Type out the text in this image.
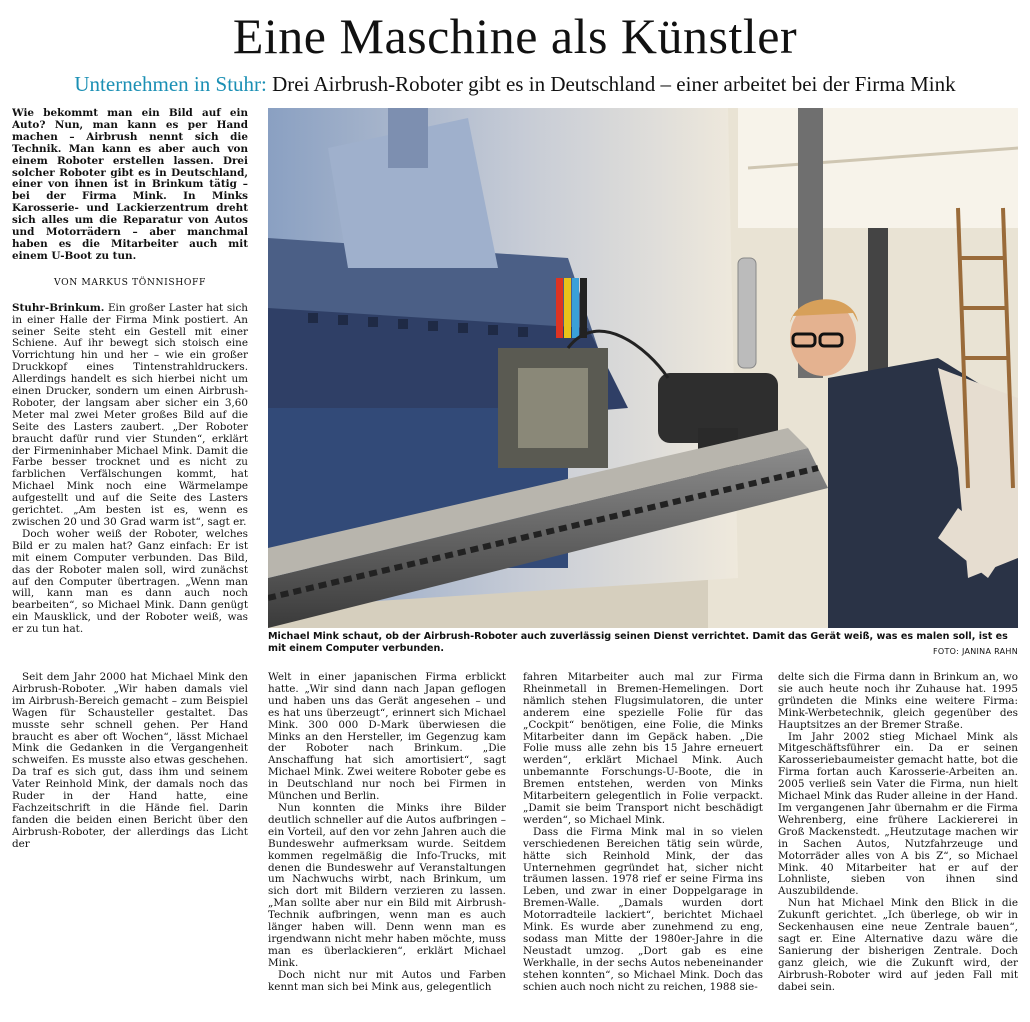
Eine Maschine als Künstler
Unternehmen in Stuhr: Drei Airbrush-Roboter gibt es in Deutschland – einer arbeitet bei der Firma Mink

Wie bekommt man ein Bild auf ein Auto? Nun, man kann es per Hand machen – Airbrush nennt sich die Technik. Man kann es aber auch von einem Roboter erstellen lassen. Drei solcher Roboter gibt es in Deutschland, einer von ihnen ist in Brinkum tätig – bei der Firma Mink. In Minks Karosserie- und Lackierzentrum dreht sich alles um die Reparatur von Autos und Motorrädern – aber manchmal haben es die Mitarbeiter auch mit einem U-Boot zu tun.

VON MARKUS TÖNNISHOFF

Stuhr-Brinkum. Ein großer Laster hat sich in einer Halle der Firma Mink postiert. An seiner Seite steht ein Gestell mit einer Schiene. Auf ihr bewegt sich stoisch eine Vorrichtung hin und her – wie ein großer Druckkopf eines Tintenstrahldruckers. Allerdings handelt es sich hierbei nicht um einen Drucker, sondern um einen Airbrush-Roboter, der langsam aber sicher ein 3,60 Meter mal zwei Meter großes Bild auf die Seite des Lasters zaubert. „Der Roboter braucht dafür rund vier Stunden“, erklärt der Firmeninhaber Michael Mink. Damit die Farbe besser trocknet und es nicht zu farblichen Verfälschungen kommt, hat Michael Mink noch eine Wärmelampe aufgestellt und auf die Seite des Lasters gerichtet. „Am besten ist es, wenn es zwischen 20 und 30 Grad warm ist“, sagt er.

Doch woher weiß der Roboter, welches Bild er zu malen hat? Ganz einfach: Er ist mit einem Computer verbunden. Das Bild, das der Roboter malen soll, wird zunächst auf den Computer übertragen. „Wenn man will, kann man es dann auch noch bearbeiten“, so Michael Mink. Dann genügt ein Mausklick, und der Roboter weiß, was er zu tun hat.

Seit dem Jahr 2000 hat Michael Mink den Airbrush-Roboter. „Wir haben damals viel im Airbrush-Bereich gemacht – zum Beispiel Wagen für Schausteller gestaltet. Das musste sehr schnell gehen. Per Hand braucht es aber oft Wochen“, lässt Michael Mink die Gedanken in die Vergangenheit schweifen. Es musste also etwas geschehen. Da traf es sich gut, dass ihm und seinem Vater Reinhold Mink, der damals noch das Ruder in der Hand hatte, eine Fachzeitschrift in die Hände fiel. Darin fanden die beiden einen Bericht über den Airbrush-Roboter, der allerdings das Licht der

Michael Mink schaut, ob der Airbrush-Roboter auch zuverlässig seinen Dienst verrichtet. Damit das Gerät weiß, was es malen soll, ist es mit einem Computer verbunden.	FOTO: JANINA RAHN

Welt in einer japanischen Firma erblickt hatte. „Wir sind dann nach Japan geflogen und haben uns das Gerät angesehen – und es hat uns überzeugt“, erinnert sich Michael Mink. 300 000 D-Mark überwiesen die Minks an den Hersteller, im Gegenzug kam der Roboter nach Brinkum. „Die Anschaffung hat sich amortisiert“, sagt Michael Mink. Zwei weitere Roboter gebe es in Deutschland nur noch bei Firmen in München und Berlin.

Nun konnten die Minks ihre Bilder deutlich schneller auf die Autos aufbringen – ein Vorteil, auf den vor zehn Jahren auch die Bundeswehr aufmerksam wurde. Seitdem kommen regelmäßig die Info-Trucks, mit denen die Bundeswehr auf Veranstaltungen um Nachwuchs wirbt, nach Brinkum, um sich dort mit Bildern verzieren zu lassen. „Man sollte aber nur ein Bild mit Airbrush-Technik aufbringen, wenn man es auch länger haben will. Denn wenn man es irgendwann nicht mehr haben möchte, muss man es überlackieren“, erklärt Michael Mink.

Doch nicht nur mit Autos und Farben kennt man sich bei Mink aus, gelegentlich

fahren Mitarbeiter auch mal zur Firma Rheinmetall in Bremen-Hemelingen. Dort nämlich stehen Flugsimulatoren, die unter anderem eine spezielle Folie für das „Cockpit“ benötigen, eine Folie, die Minks Mitarbeiter dann im Gepäck haben. „Die Folie muss alle zehn bis 15 Jahre erneuert werden“, erklärt Michael Mink. Auch unbemannte Forschungs-U-Boote, die in Bremen entstehen, werden von Minks Mitarbeitern gelegentlich in Folie verpackt. „Damit sie beim Transport nicht beschädigt werden“, so Michael Mink.

Dass die Firma Mink mal in so vielen verschiedenen Bereichen tätig sein würde, hätte sich Reinhold Mink, der das Unternehmen gegründet hat, sicher nicht träumen lassen. 1978 rief er seine Firma ins Leben, und zwar in einer Doppelgarage in Bremen-Walle. „Damals wurden dort Motorradteile lackiert“, berichtet Michael Mink. Es wurde aber zunehmend zu eng, sodass man Mitte der 1980er-Jahre in die Neustadt umzog. „Dort gab es eine Werkhalle, in der sechs Autos nebeneinander stehen konnten“, so Michael Mink. Doch das schien auch noch nicht zu reichen, 1988 sie-

delte sich die Firma dann in Brinkum an, wo sie auch heute noch ihr Zuhause hat. 1995 gründeten die Minks eine weitere Firma: Mink-Werbetechnik, gleich gegenüber des Hauptsitzes an der Bremer Straße.

Im Jahr 2002 stieg Michael Mink als Mitgeschäftsführer ein. Da er seinen Karosseriebaumeister gemacht hatte, bot die Firma fortan auch Karosserie-Arbeiten an. 2005 verließ sein Vater die Firma, nun hielt Michael Mink das Ruder alleine in der Hand. Im vergangenen Jahr übernahm er die Firma Wehrenberg, eine frühere Lackiererei in Groß Mackenstedt. „Heutzutage machen wir in Sachen Autos, Nutzfahrzeuge und Motorräder alles von A bis Z“, so Michael Mink. 40 Mitarbeiter hat er auf der Lohnliste, sieben von ihnen sind Auszubildende.

Nun hat Michael Mink den Blick in die Zukunft gerichtet. „Ich überlege, ob wir in Seckenhausen eine neue Zentrale bauen“, sagt er. Eine Alternative dazu wäre die Sanierung der bisherigen Zentrale. Doch ganz gleich, wie die Zukunft wird, der Airbrush-Roboter wird auf jeden Fall mit dabei sein.
